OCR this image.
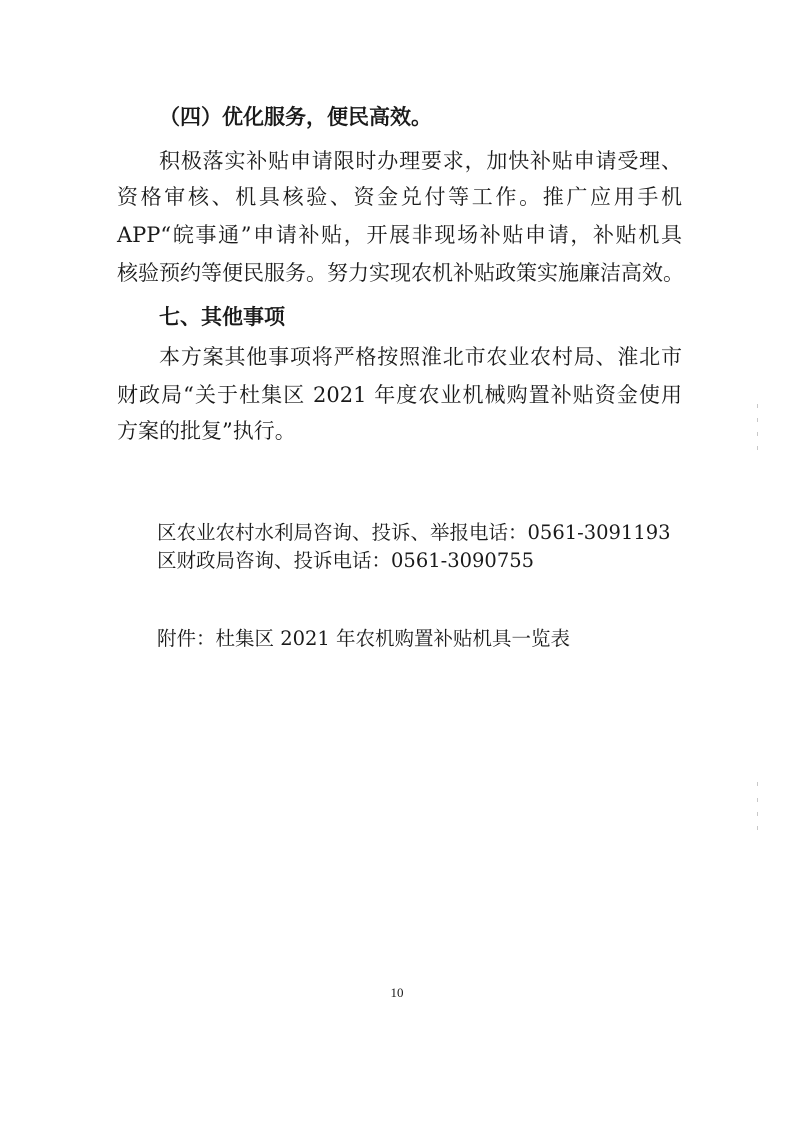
（四）优化服务，便民高效。
积极落实补贴申请限时办理要求，加快补贴申请受理、
资格审核、机具核验、资金兑付等工作。推广应用手机
APP“皖事通”申请补贴，开展非现场补贴申请，补贴机具
核验预约等便民服务。努力实现农机补贴政策实施廉洁高效。
七、其他事项
本方案其他事项将严格按照淮北市农业农村局、淮北市
财政局“关于杜集区 2021 年度农业机械购置补贴资金使用
方案的批复”执行。
区农业农村水利局咨询、投诉、举报电话：0561-3091193
区财政局咨询、投诉电话：0561-3090755
附件：杜集区 2021 年农机购置补贴机具一览表
10
